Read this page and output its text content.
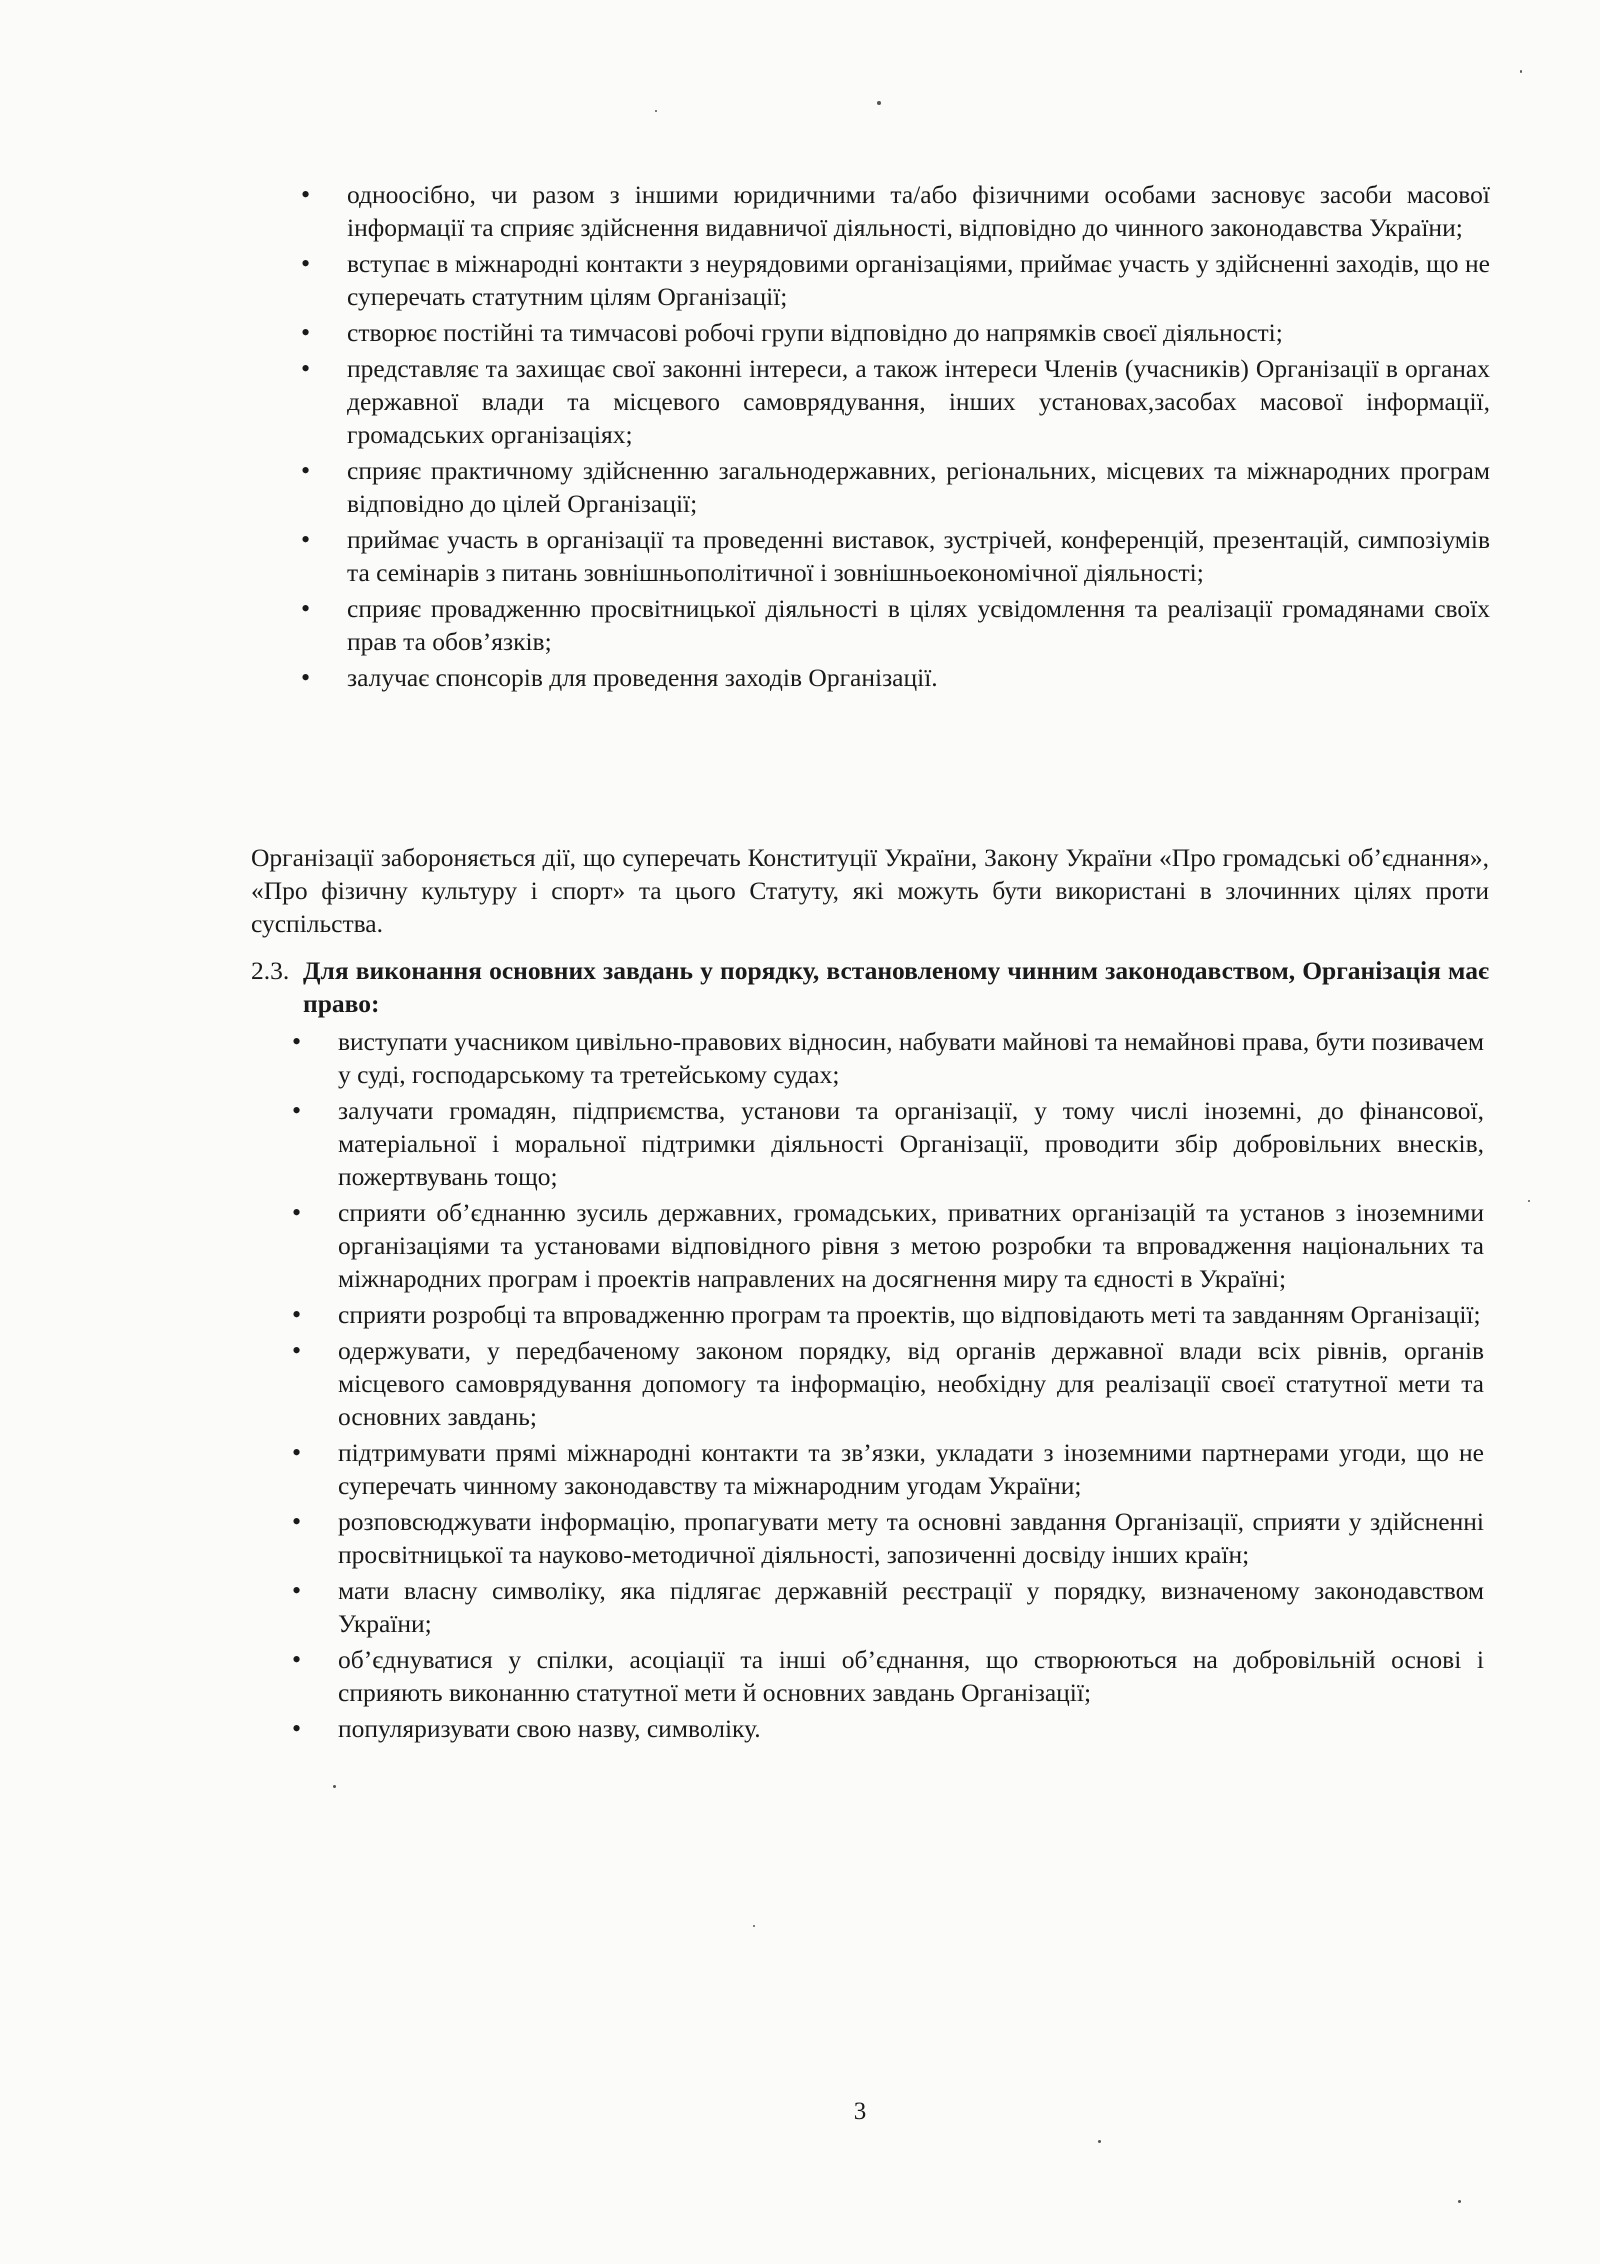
• одноосібно, чи разом з іншими юридичними та/або фізичними особами засновує засоби масової інформації та сприяє здійснення видавничої діяльності, відповідно до чинного законодавства України;
• вступає в міжнародні контакти з неурядовими організаціями, приймає участь у здійсненні заходів, що не суперечать статутним цілям Організації;
• створює постійні та тимчасові робочі групи відповідно до напрямків своєї діяльності;
• представляє та захищає свої законні інтереси, а також інтереси Членів (учасників) Організації в органах державної влади та місцевого самоврядування, інших установах,засобах масової інформації, громадських організаціях;
• сприяє практичному здійсненню загальнодержавних, регіональних, місцевих та міжнародних програм відповідно до цілей Організації;
• приймає участь в організації та проведенні виставок, зустрічей, конференцій, презентацій, симпозіумів та семінарів з питань зовнішньополітичної і зовнішньоекономічної діяльності;
• сприяє провадженню просвітницької діяльності в цілях усвідомлення та реалізації громадянами своїх прав та обов’язків;
• залучає спонсорів для проведення заходів Організації.

Організації забороняється дії, що суперечать Конституції України, Закону України «Про громадські об’єднання», «Про фізичну культуру і спорт» та цього Статуту, які можуть бути використані в злочинних цілях проти суспільства.

2.3. Для виконання основних завдань у порядку, встановленому чинним законодавством, Організація має право:
• виступати учасником цивільно-правових відносин, набувати майнові та немайнові права, бути позивачем у суді, господарському та третейському судах;
• залучати громадян, підприємства, установи та організації, у тому числі іноземні, до фінансової, матеріальної і моральної підтримки діяльності Організації, проводити збір добровільних внесків, пожертвувань тощо;
• сприяти об’єднанню зусиль державних, громадських, приватних організацій та установ з іноземними організаціями та установами відповідного рівня з метою розробки та впровадження національних та міжнародних програм і проектів направлених на досягнення миру та єдності в Україні;
• сприяти розробці та впровадженню програм та проектів, що відповідають меті та завданням Організації;
• одержувати, у передбаченому законом порядку, від органів державної влади всіх рівнів, органів місцевого самоврядування допомогу та інформацію, необхідну для реалізації своєї статутної мети та основних завдань;
• підтримувати прямі міжнародні контакти та зв’язки, укладати з іноземними партнерами угоди, що не суперечать чинному законодавству та міжнародним угодам України;
• розповсюджувати інформацію, пропагувати мету та основні завдання Організації, сприяти у здійсненні просвітницької та науково-методичної діяльності, запозиченні досвіду інших країн;
• мати власну символіку, яка підлягає державній реєстрації у порядку, визначеному законодавством України;
• об’єднуватися у спілки, асоціації та інші об’єднання, що створюються на добровільній основі і сприяють виконанню статутної мети й основних завдань Організації;
• популяризувати свою назву, символіку.
3
